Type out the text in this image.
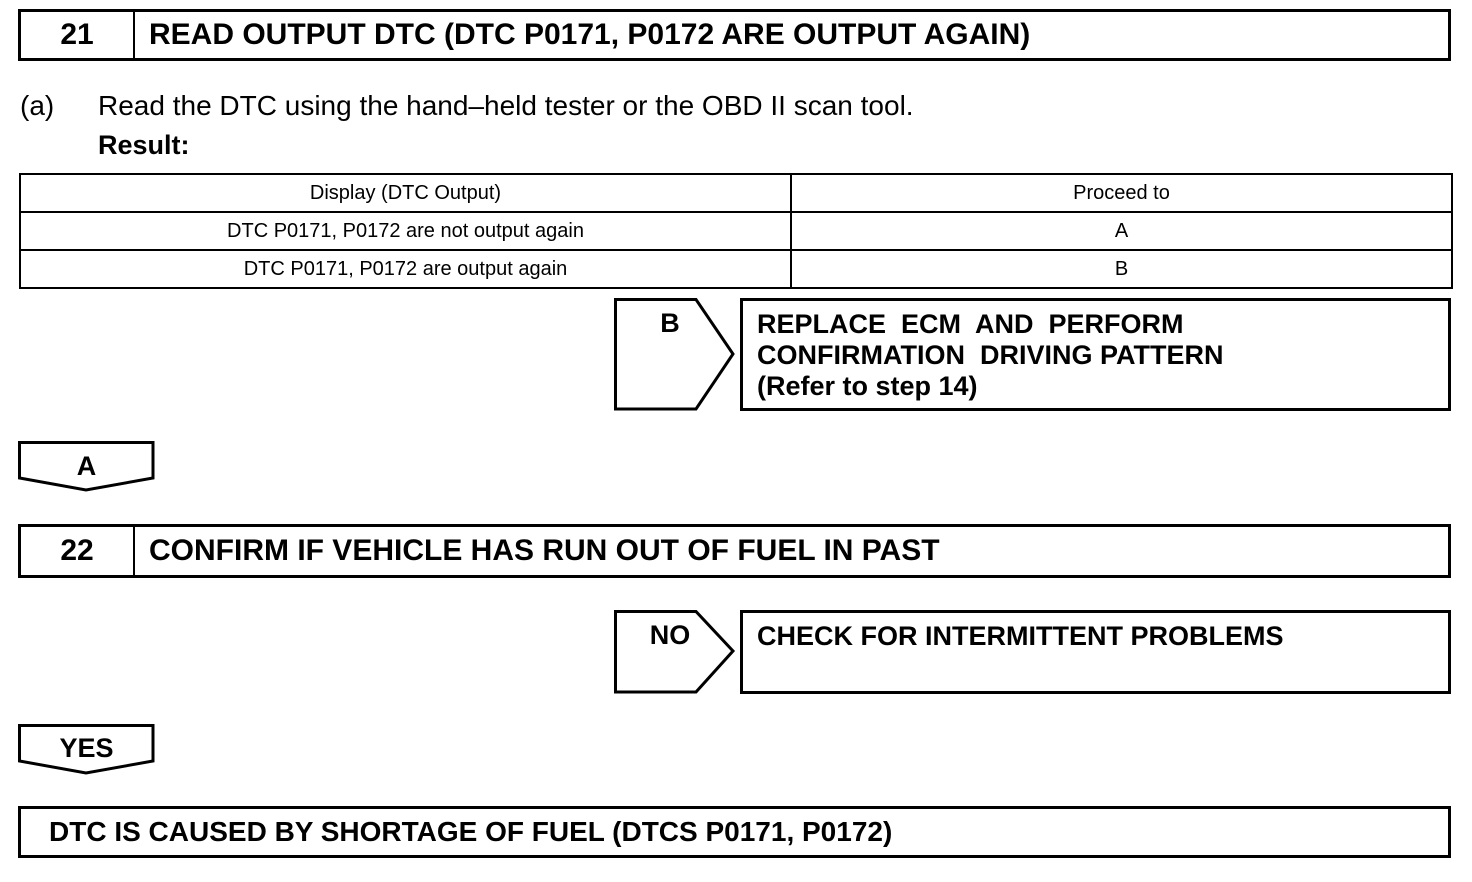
21	READ OUTPUT DTC (DTC P0171, P0172 ARE OUTPUT AGAIN)
(a) Read the DTC using the hand–held tester or the OBD II scan tool.
Result:
Display (DTC Output)	Proceed to
DTC P0171, P0172 are not output again	A
DTC P0171, P0172 are output again	B
B	REPLACE  ECM  AND  PERFORM
CONFIRMATION  DRIVING PATTERN
(Refer to step 14)
A
22	CONFIRM IF VEHICLE HAS RUN OUT OF FUEL IN PAST
NO	CHECK FOR INTERMITTENT PROBLEMS
YES
DTC IS CAUSED BY SHORTAGE OF FUEL (DTCS P0171, P0172)
